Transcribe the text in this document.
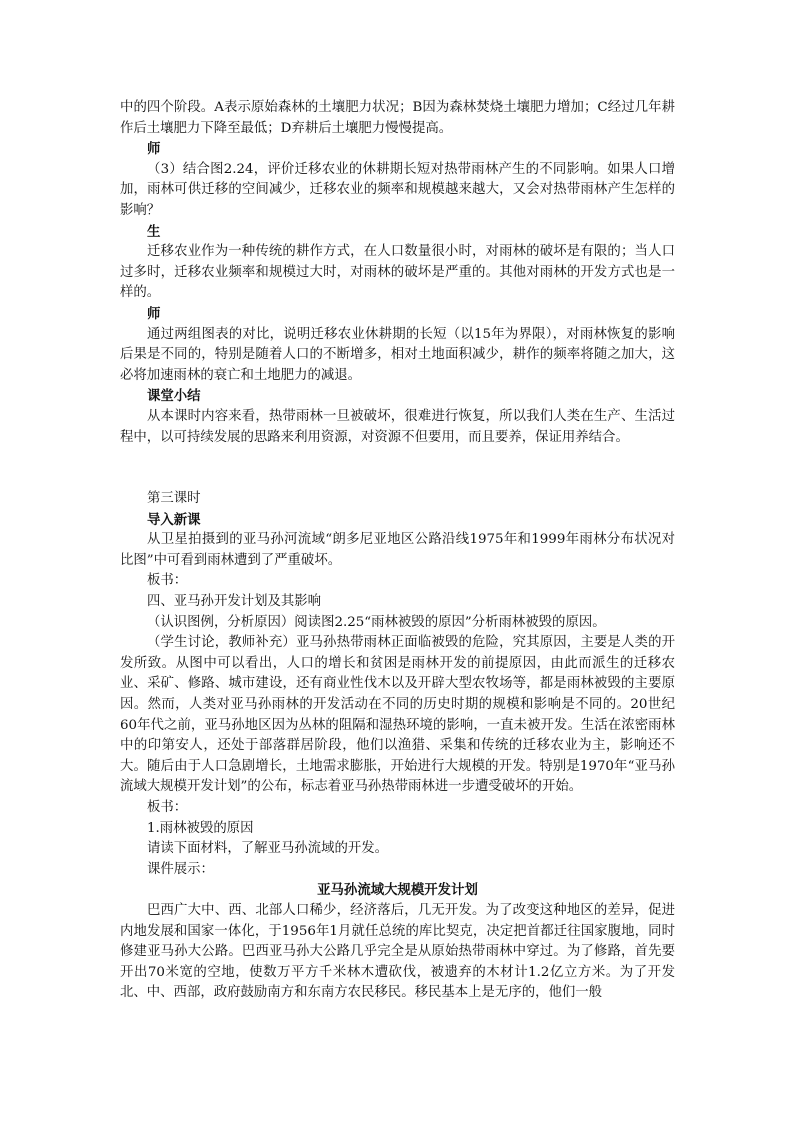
中的四个阶段。A表示原始森林的土壤肥力状况；B因为森林焚烧土壤肥力增加；C经过几年耕作后土壤肥力下降至最低；D弃耕后土壤肥力慢慢提高。

师

（3）结合图2.24，评价迁移农业的休耕期长短对热带雨林产生的不同影响。如果人口增加，雨林可供迁移的空间减少，迁移农业的频率和规模越来越大，又会对热带雨林产生怎样的影响？

生

迁移农业作为一种传统的耕作方式，在人口数量很小时，对雨林的破坏是有限的；当人口过多时，迁移农业频率和规模过大时，对雨林的破坏是严重的。其他对雨林的开发方式也是一样的。

师

通过两组图表的对比，说明迁移农业休耕期的长短（以15年为界限），对雨林恢复的影响后果是不同的，特别是随着人口的不断增多，相对土地面积减少，耕作的频率将随之加大，这必将加速雨林的衰亡和土地肥力的减退。

课堂小结

从本课时内容来看，热带雨林一旦被破坏，很难进行恢复，所以我们人类在生产、生活过程中，以可持续发展的思路来利用资源，对资源不但要用，而且要养，保证用养结合。

第三课时

导入新课

从卫星拍摄到的亚马孙河流域“朗多尼亚地区公路沿线1975年和1999年雨林分布状况对比图”中可看到雨林遭到了严重破坏。

板书：

四、亚马孙开发计划及其影响

（认识图例，分析原因）阅读图2.25“雨林被毁的原因”分析雨林被毁的原因。

（学生讨论，教师补充）亚马孙热带雨林正面临被毁的危险，究其原因，主要是人类的开发所致。从图中可以看出，人口的增长和贫困是雨林开发的前提原因，由此而派生的迁移农业、采矿、修路、城市建设，还有商业性伐木以及开辟大型农牧场等，都是雨林被毁的主要原因。然而，人类对亚马孙雨林的开发活动在不同的历史时期的规模和影响是不同的。20世纪60年代之前，亚马孙地区因为丛林的阻隔和湿热环境的影响，一直未被开发。生活在浓密雨林中的印第安人，还处于部落群居阶段，他们以渔猎、采集和传统的迁移农业为主，影响还不大。随后由于人口急剧增长，土地需求膨胀，开始进行大规模的开发。特别是1970年“亚马孙流域大规模开发计划”的公布，标志着亚马孙热带雨林进一步遭受破坏的开始。

板书：

1.雨林被毁的原因

请读下面材料，了解亚马孙流域的开发。

课件展示：

亚马孙流域大规模开发计划

巴西广大中、西、北部人口稀少，经济落后，几无开发。为了改变这种地区的差异，促进内地发展和国家一体化，于1956年1月就任总统的库比契克，决定把首都迁往国家腹地，同时修建亚马孙大公路。巴西亚马孙大公路几乎完全是从原始热带雨林中穿过。为了修路，首先要开出70米宽的空地，使数万平方千米林木遭砍伐，被遗弃的木材计1.2亿立方米。为了开发北、中、西部，政府鼓励南方和东南方农民移民。移民基本上是无序的，他们一般
